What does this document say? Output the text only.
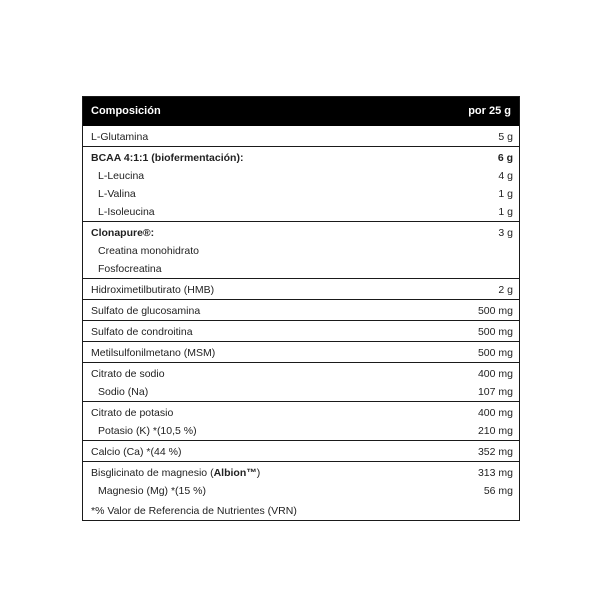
Composición	por 25 g
L-Glutamina	5 g
BCAA 4:1:1 (biofermentación):	6 g
L-Leucina	4 g
L-Valina	1 g
L-Isoleucina	1 g
Clonapure®:	3 g
Creatina monohidrato
Fosfocreatina
Hidroximetilbutirato (HMB)	2 g
Sulfato de glucosamina	500 mg
Sulfato de condroitina	500 mg
Metilsulfonilmetano (MSM)	500 mg
Citrato de sodio	400 mg
Sodio (Na)	107 mg
Citrato de potasio	400 mg
Potasio (K) *(10,5 %)	210 mg
Calcio (Ca) *(44 %)	352 mg
Bisglicinato de magnesio (Albion™)	313 mg
Magnesio (Mg) *(15 %)	56 mg
*% Valor de Referencia de Nutrientes (VRN)
